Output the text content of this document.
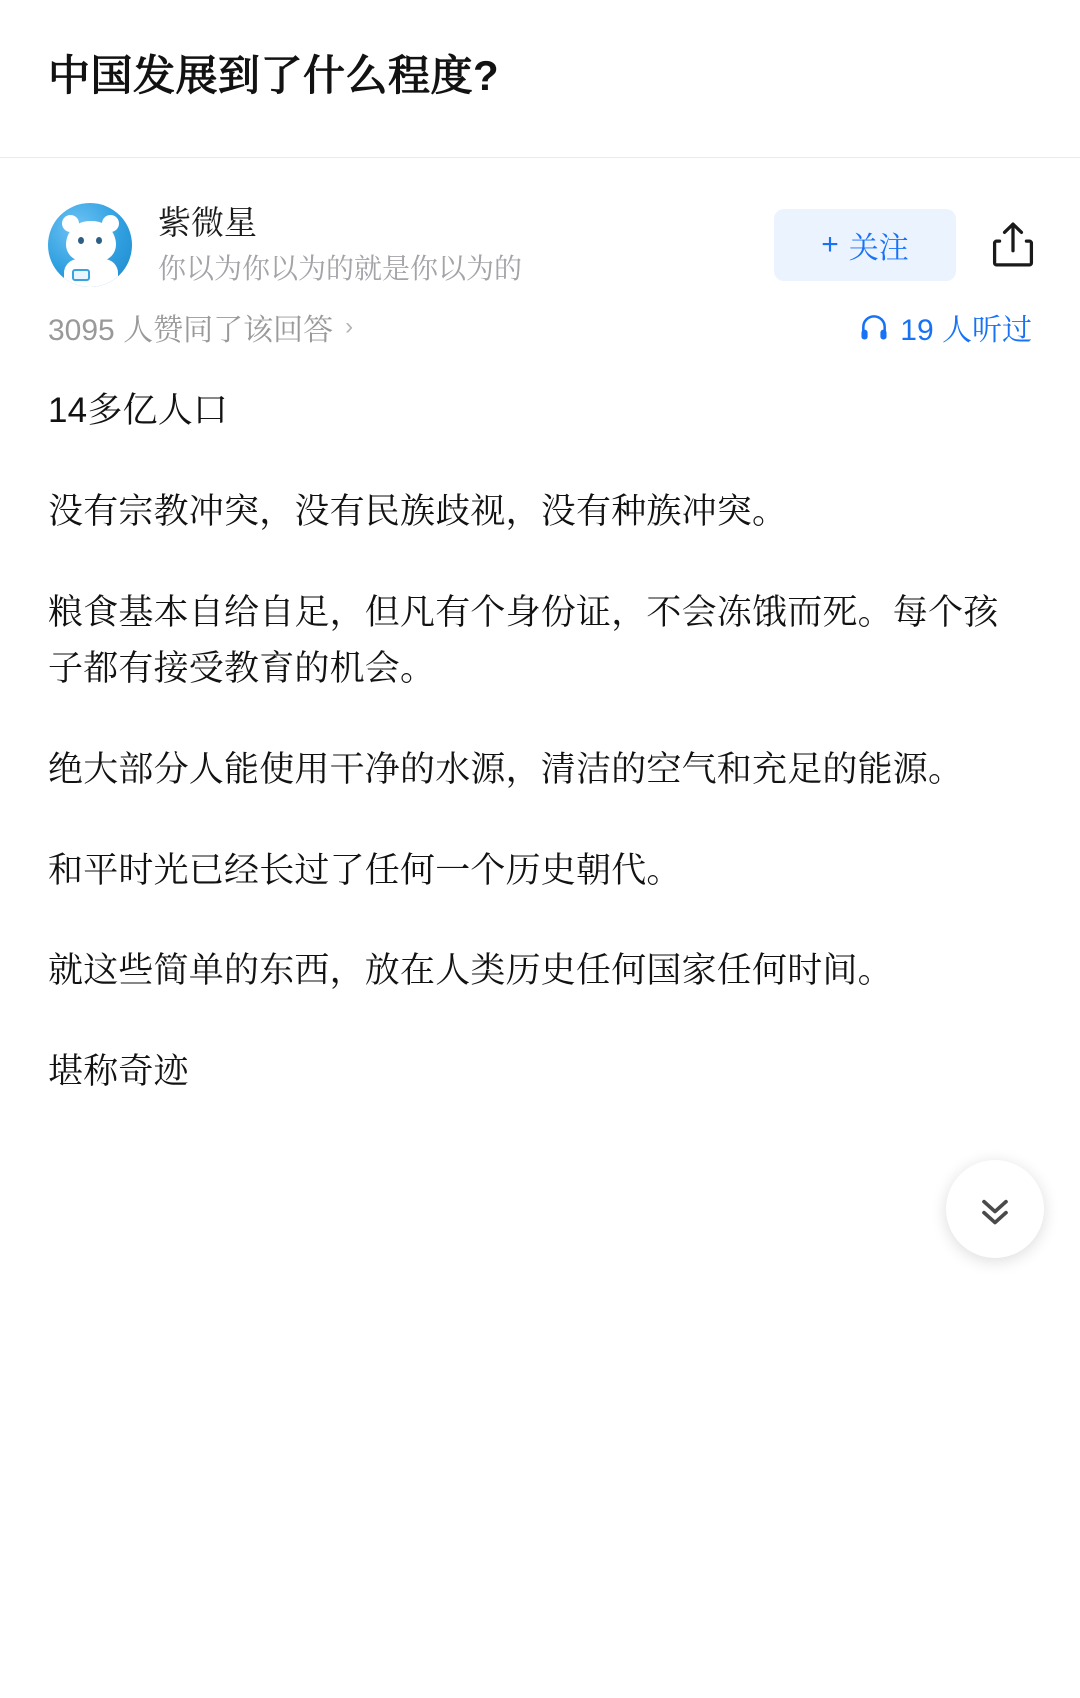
中国发展到了什么程度?
紫微星
你以为你以为的就是你以为的
+ 关注
3095 人赞同了该回答 ›	19 人听过

14多亿人口

没有宗教冲突，没有民族歧视，没有种族冲突。

粮食基本自给自足，但凡有个身份证，不会冻饿而死。每个孩子都有接受教育的机会。

绝大部分人能使用干净的水源，清洁的空气和充足的能源。

和平时光已经长过了任何一个历史朝代。

就这些简单的东西，放在人类历史任何国家任何时间。

堪称奇迹
